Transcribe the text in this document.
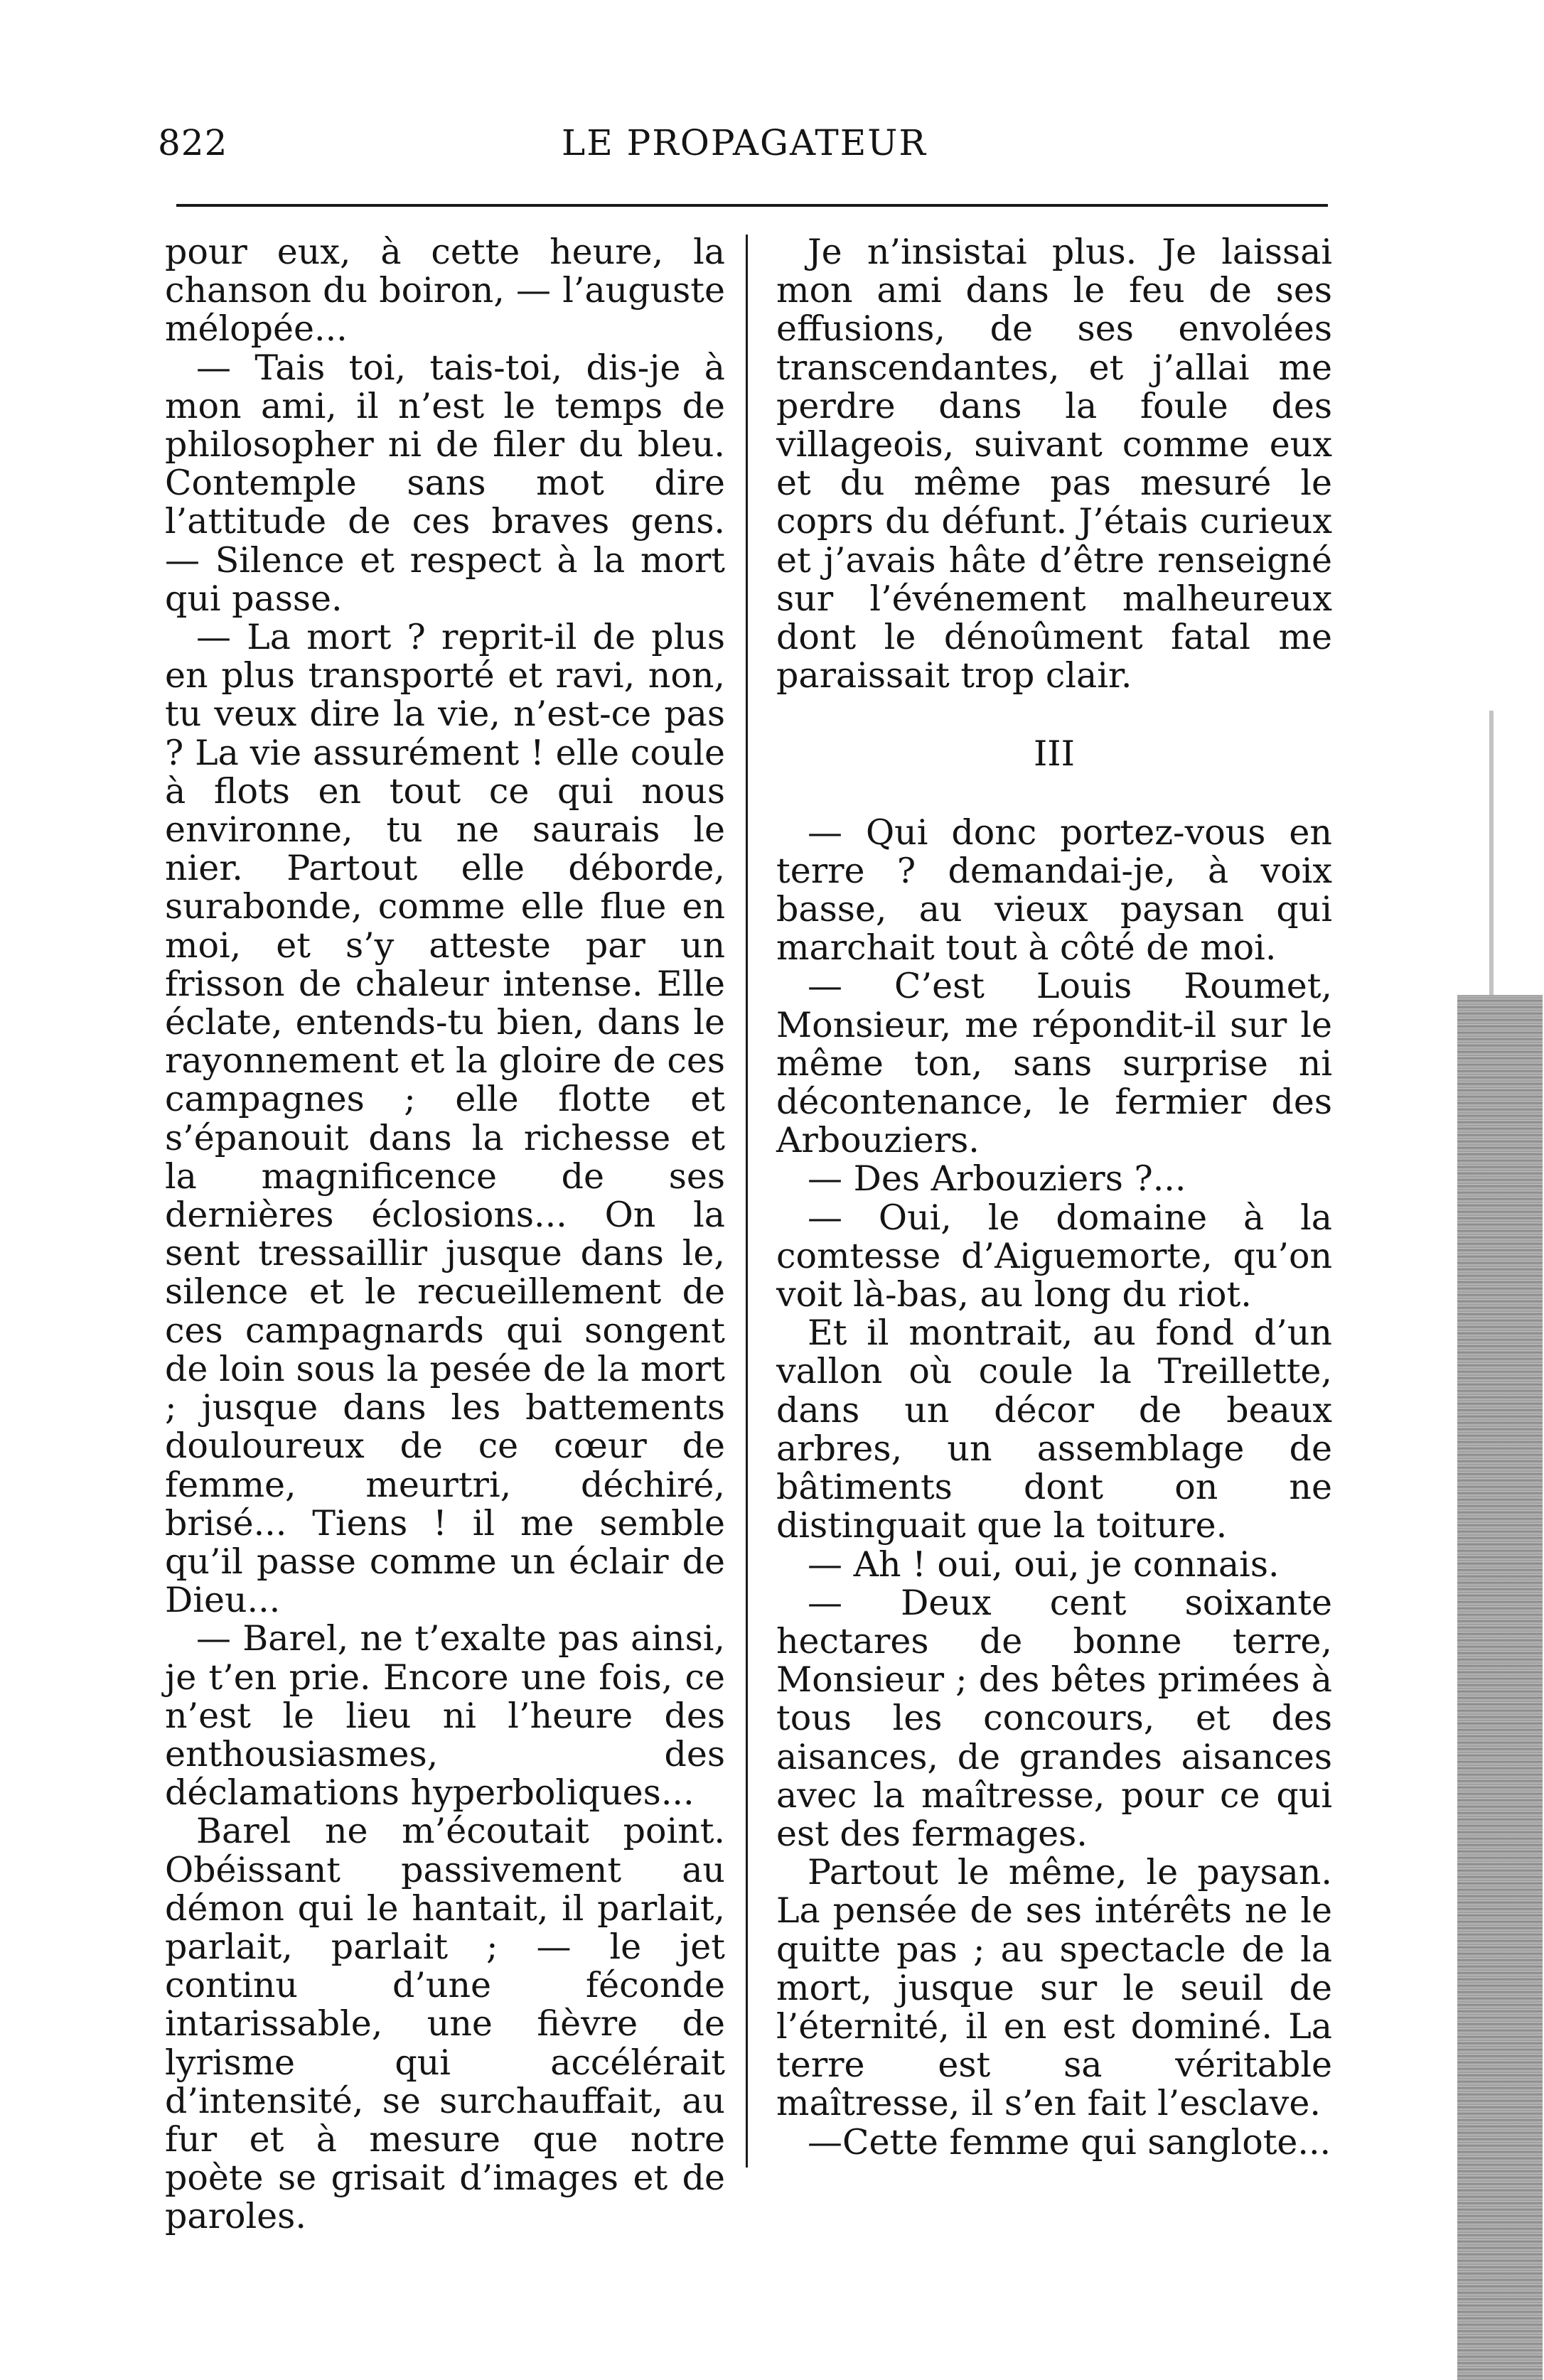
822	LE PROPAGATEUR

pour eux, à cette heure, la chanson du boiron, — l’auguste mélopée...

— Tais toi, tais-toi, dis-je à mon ami, il n’est le temps de philosopher ni de filer du bleu. Contemple sans mot dire l’attitude de ces braves gens. — Silence et respect à la mort qui passe.

— La mort ? reprit-il de plus en plus transporté et ravi, non, tu veux dire la vie, n’est-ce pas ? La vie assurément ! elle coule à flots en tout ce qui nous environne, tu ne saurais le nier. Partout elle déborde, surabonde, comme elle flue en moi, et s’y atteste par un frisson de chaleur intense. Elle éclate, entends-tu bien, dans le rayonnement et la gloire de ces campagnes ; elle flotte et s’épanouit dans la richesse et la magnificence de ses dernières éclosions... On la sent tressaillir jusque dans le, silence et le recueillement de ces campagnards qui songent de loin sous la pesée de la mort ; jusque dans les battements douloureux de ce cœur de femme, meurtri, déchiré, brisé... Tiens ! il me semble qu’il passe comme un éclair de Dieu...

— Barel, ne t’exalte pas ainsi, je t’en prie. Encore une fois, ce n’est le lieu ni l’heure des enthousiasmes, des déclamations hyperboliques...

Barel ne m’écoutait point. Obéissant passivement au démon qui le hantait, il parlait, parlait, parlait ; — le jet continu d’une féconde intarissable, une fièvre de lyrisme qui accélérait d’intensité, se surchauffait, au fur et à mesure que notre poète se grisait d’images et de paroles.

Je n’insistai plus. Je laissai mon ami dans le feu de ses effusions, de ses envolées transcendantes, et j’allai me perdre dans la foule des villageois, suivant comme eux et du même pas mesuré le coprs du défunt. J’étais curieux et j’avais hâte d’être renseigné sur l’événement malheureux dont le dénoûment fatal me paraissait trop clair.

III

— Qui donc portez-vous en terre ? demandai-je, à voix basse, au vieux paysan qui marchait tout à côté de moi.

— C’est Louis Roumet, Monsieur, me répondit-il sur le même ton, sans surprise ni décontenance, le fermier des Arbouziers.

— Des Arbouziers ?...

— Oui, le domaine à la comtesse d’Aiguemorte, qu’on voit là-bas, au long du riot.

Et il montrait, au fond d’un vallon où coule la Treillette, dans un décor de beaux arbres, un assemblage de bâtiments dont on ne distinguait que la toiture.

— Ah ! oui, oui, je connais.

— Deux cent soixante hectares de bonne terre, Monsieur ; des bêtes primées à tous les concours, et des aisances, de grandes aisances avec la maîtresse, pour ce qui est des fermages.

Partout le même, le paysan. La pensée de ses intérêts ne le quitte pas ; au spectacle de la mort, jusque sur le seuil de l’éternité, il en est dominé. La terre est sa véritable maîtresse, il s’en fait l’esclave.

—Cette femme qui sanglote...
